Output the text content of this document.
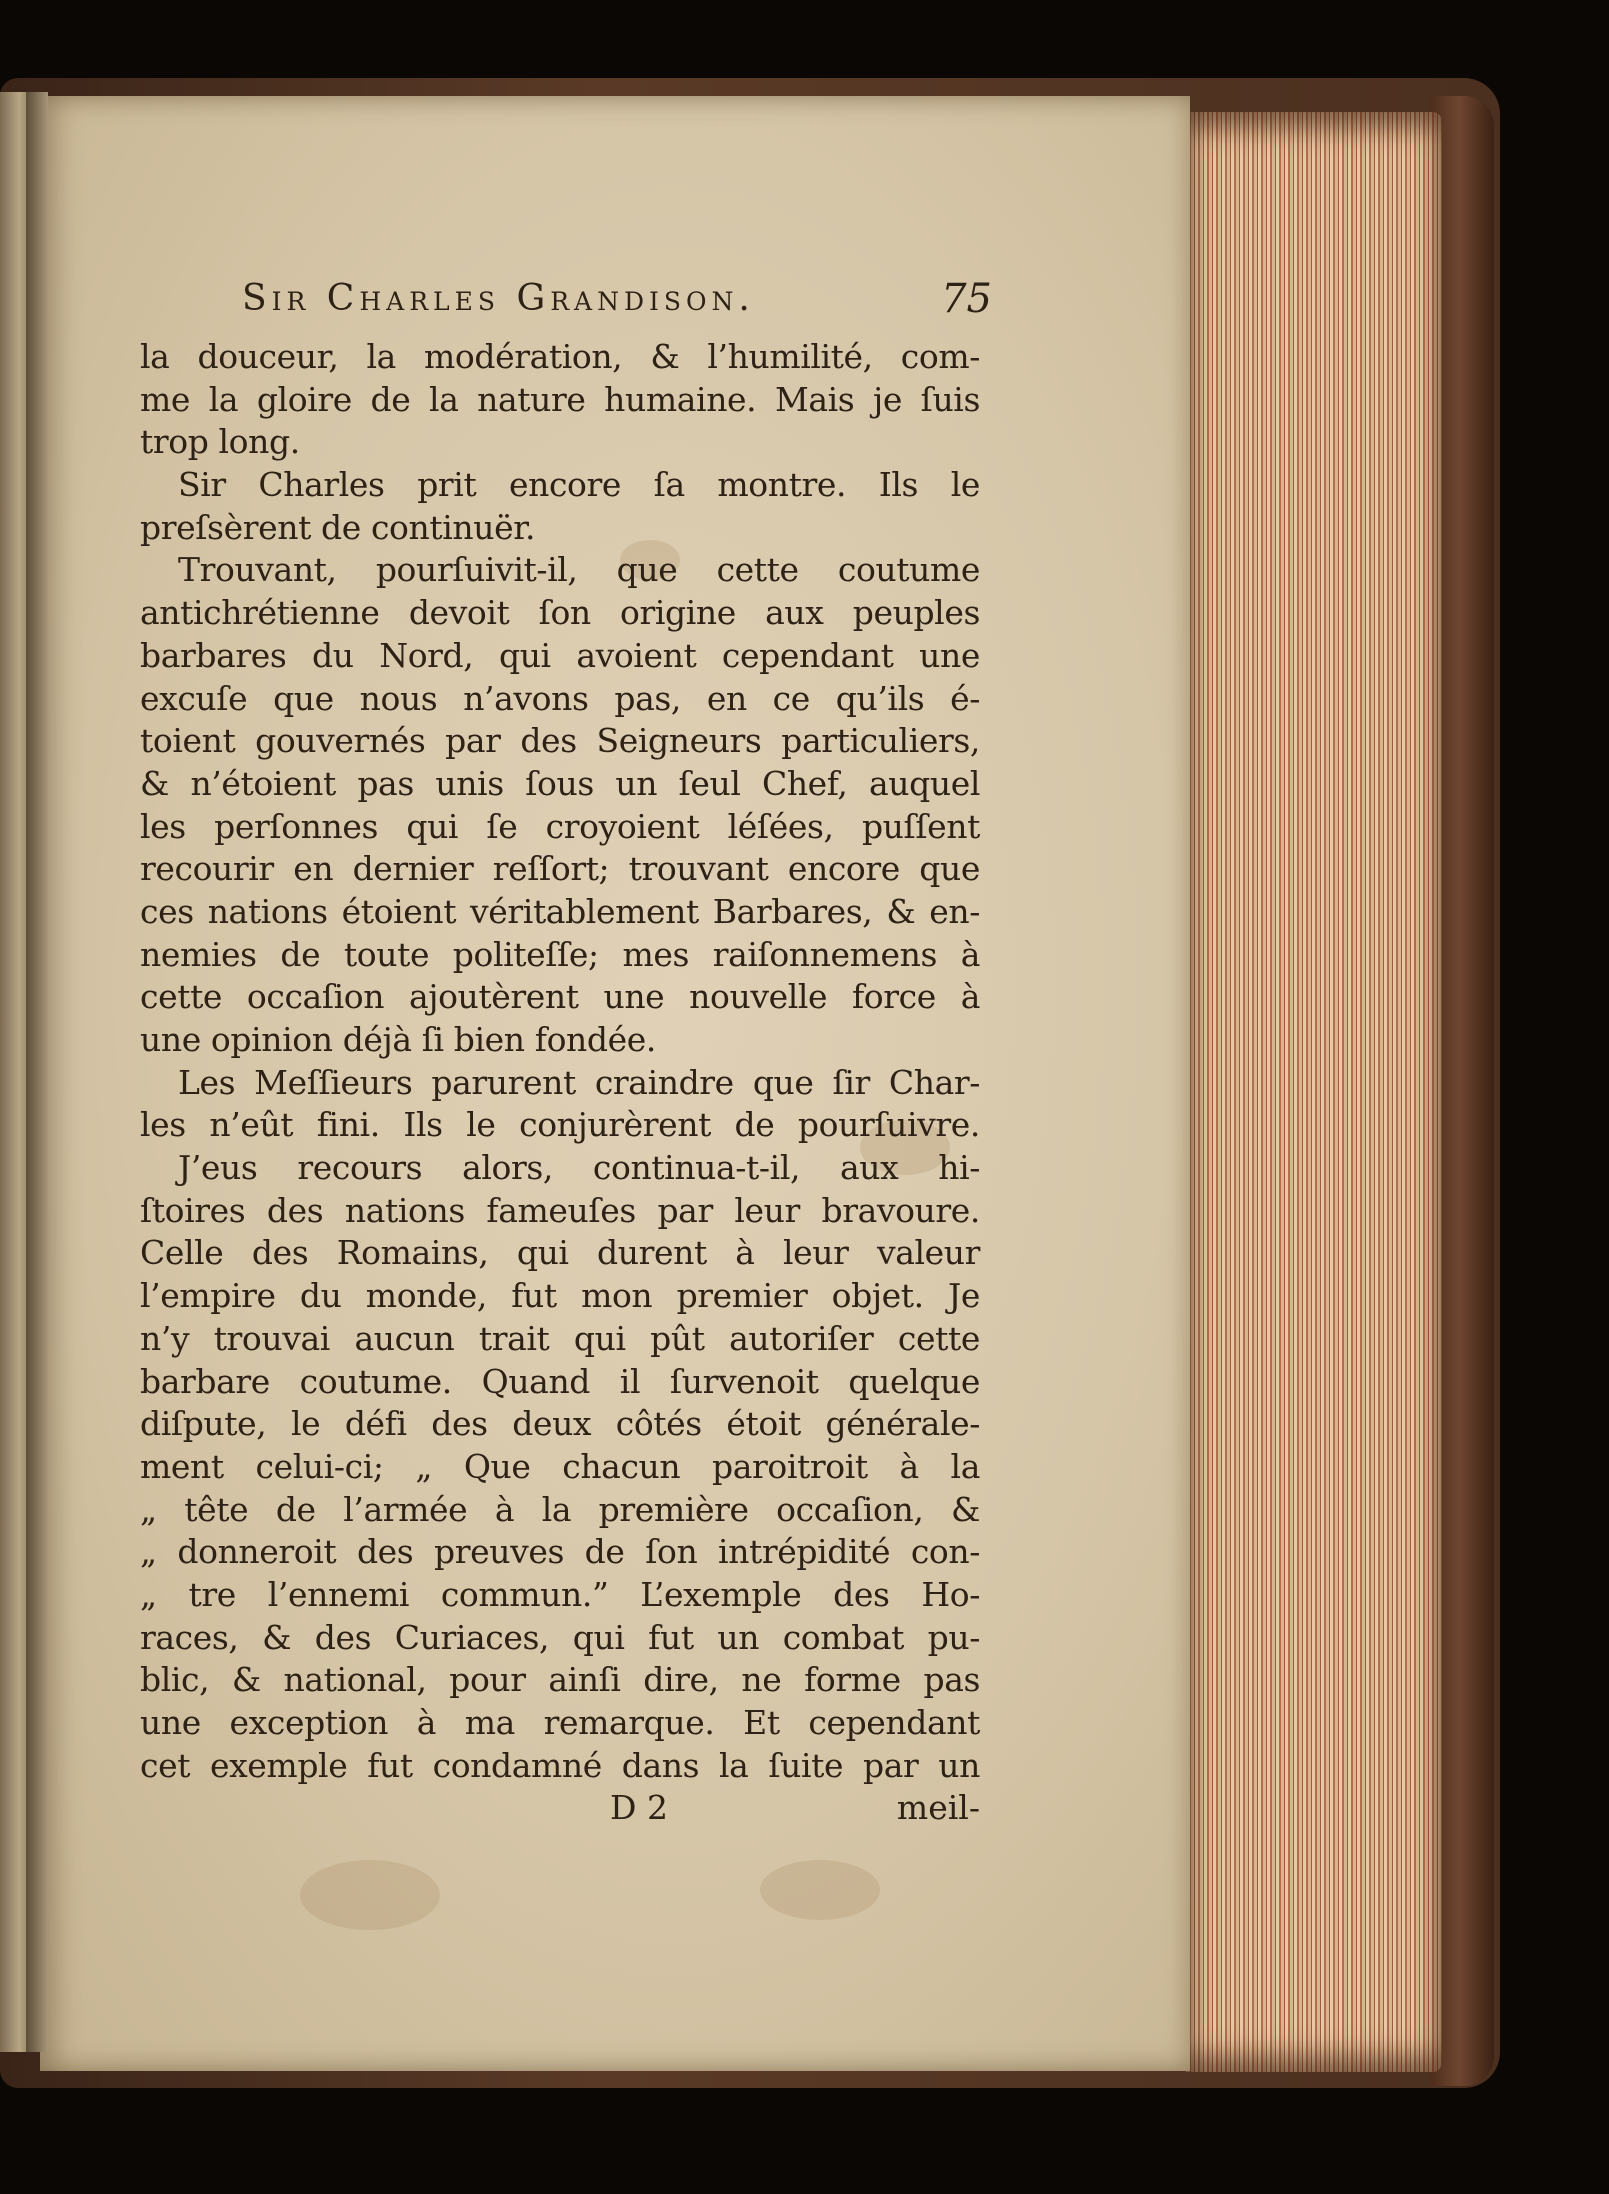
Sir Charles Grandison.	75
la douceur, la modération, & l’humilité, com-
me la gloire de la nature humaine. Mais je ſuis
trop long.
Sir Charles prit encore ſa montre. Ils le
preſsèrent de continuër.
Trouvant, pourſuivit-il, que cette coutume
antichrétienne devoit ſon origine aux peuples
barbares du Nord, qui avoient cependant une
excuſe que nous n’avons pas, en ce qu’ils é-
toient gouvernés par des Seigneurs particuliers,
& n’étoient pas unis ſous un ſeul Chef, auquel
les perſonnes qui ſe croyoient léſées, puſſent
recourir en dernier reſſort; trouvant encore que
ces nations étoient véritablement Barbares, & en-
nemies de toute politeſſe; mes raiſonnemens à
cette occaſion ajoutèrent une nouvelle force à
une opinion déjà ſi bien fondée.
Les Meſſieurs parurent craindre que ſir Char-
les n’eût fini. Ils le conjurèrent de pourſuivre.
J’eus recours alors, continua-t-il, aux hi-
ſtoires des nations fameuſes par leur bravoure.
Celle des Romains, qui durent à leur valeur
l’empire du monde, fut mon premier objet. Je
n’y trouvai aucun trait qui pût autoriſer cette
barbare coutume. Quand il ſurvenoit quelque
diſpute, le défi des deux côtés étoit générale-
ment celui-ci; „ Que chacun paroitroit à la
„ tête de l’armée à la première occaſion, &
„ donneroit des preuves de ſon intrépidité con-
„ tre l’ennemi commun.” L’exemple des Ho-
races, & des Curiaces, qui fut un combat pu-
blic, & national, pour ainſi dire, ne forme pas
une exception à ma remarque. Et cependant
cet exemple fut condamné dans la ſuite par un
D 2	meil-
